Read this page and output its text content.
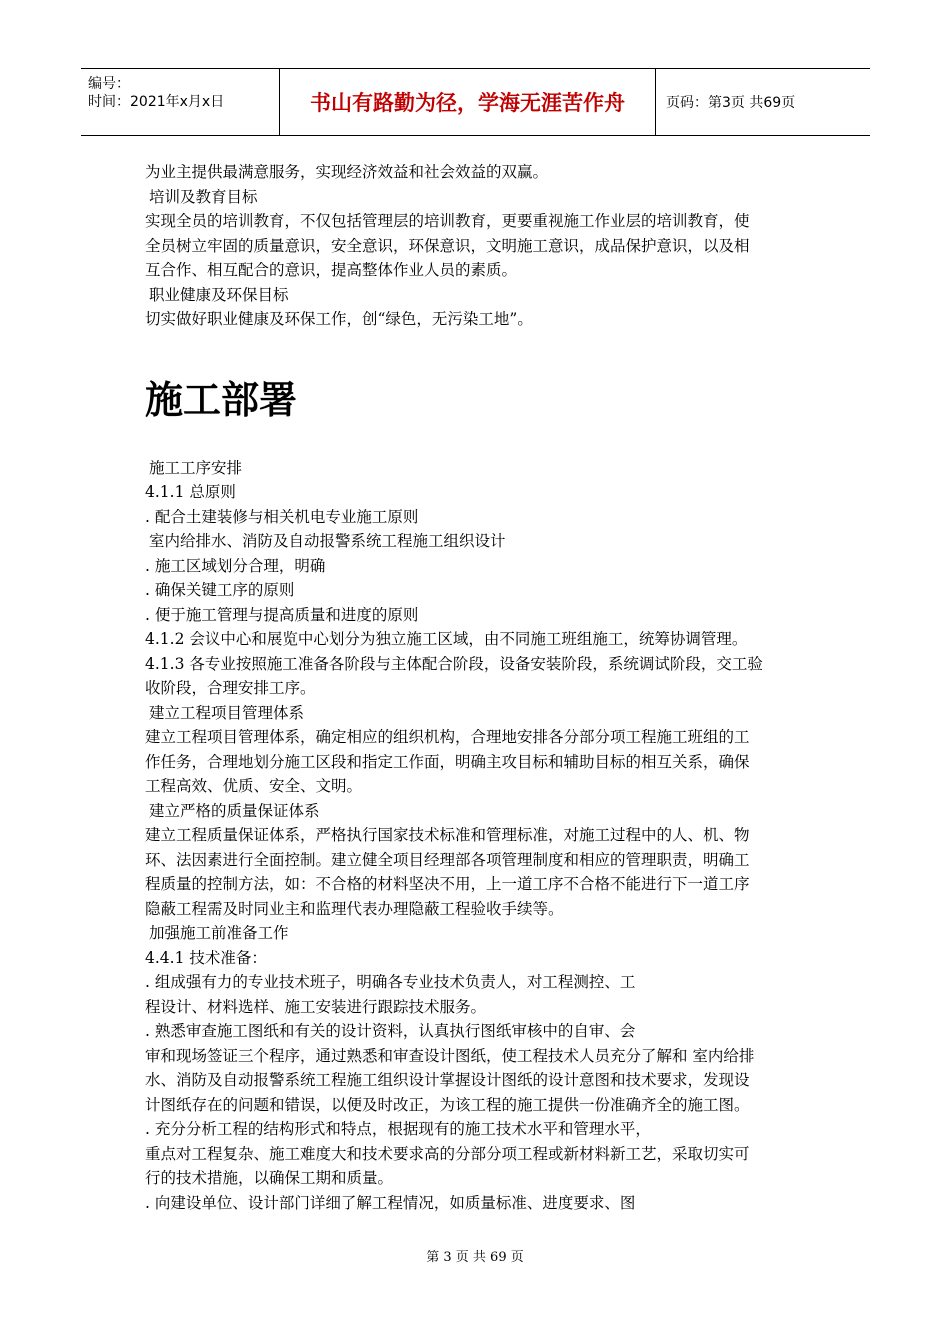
编号：
时间：2021年x月x日	书山有路勤为径，学海无涯苦作舟	页码：第3页 共69页
为业主提供最满意服务，实现经济效益和社会效益的双赢。
培训及教育目标
实现全员的培训教育，不仅包括管理层的培训教育，更要重视施工作业层的培训教育，使
全员树立牢固的质量意识，安全意识，环保意识，文明施工意识，成品保护意识，以及相
互合作、相互配合的意识，提高整体作业人员的素质。
职业健康及环保目标
切实做好职业健康及环保工作，创“绿色，无污染工地”。
施工部署
施工工序安排
4.1.1 总原则
. 配合土建装修与相关机电专业施工原则
室内给排水、消防及自动报警系统工程施工组织设计
. 施工区域划分合理，明确
. 确保关键工序的原则
. 便于施工管理与提高质量和进度的原则
4.1.2 会议中心和展览中心划分为独立施工区域，由不同施工班组施工，统筹协调管理。
4.1.3 各专业按照施工准备各阶段与主体配合阶段，设备安装阶段，系统调试阶段，交工验
收阶段，合理安排工序。
建立工程项目管理体系
建立工程项目管理体系，确定相应的组织机构，合理地安排各分部分项工程施工班组的工
作任务，合理地划分施工区段和指定工作面，明确主攻目标和辅助目标的相互关系，确保
工程高效、优质、安全、文明。
建立严格的质量保证体系
建立工程质量保证体系，严格执行国家技术标准和管理标准，对施工过程中的人、机、物
环、法因素进行全面控制。建立健全项目经理部各项管理制度和相应的管理职责，明确工
程质量的控制方法，如：不合格的材料坚决不用，上一道工序不合格不能进行下一道工序
隐蔽工程需及时同业主和监理代表办理隐蔽工程验收手续等。
加强施工前准备工作
4.4.1 技术准备：
. 组成强有力的专业技术班子，明确各专业技术负责人，对工程测控、工
程设计、材料选样、施工安装进行跟踪技术服务。
. 熟悉审查施工图纸和有关的设计资料，认真执行图纸审核中的自审、会
审和现场签证三个程序，通过熟悉和审查设计图纸，使工程技术人员充分了解和 室内给排
水、消防及自动报警系统工程施工组织设计掌握设计图纸的设计意图和技术要求，发现设
计图纸存在的问题和错误，以便及时改正，为该工程的施工提供一份准确齐全的施工图。
. 充分分析工程的结构形式和特点，根据现有的施工技术水平和管理水平，
重点对工程复杂、施工难度大和技术要求高的分部分项工程或新材料新工艺，采取切实可
行的技术措施，以确保工期和质量。
. 向建设单位、设计部门详细了解工程情况，如质量标准、进度要求、图
第 3 页 共 69 页
